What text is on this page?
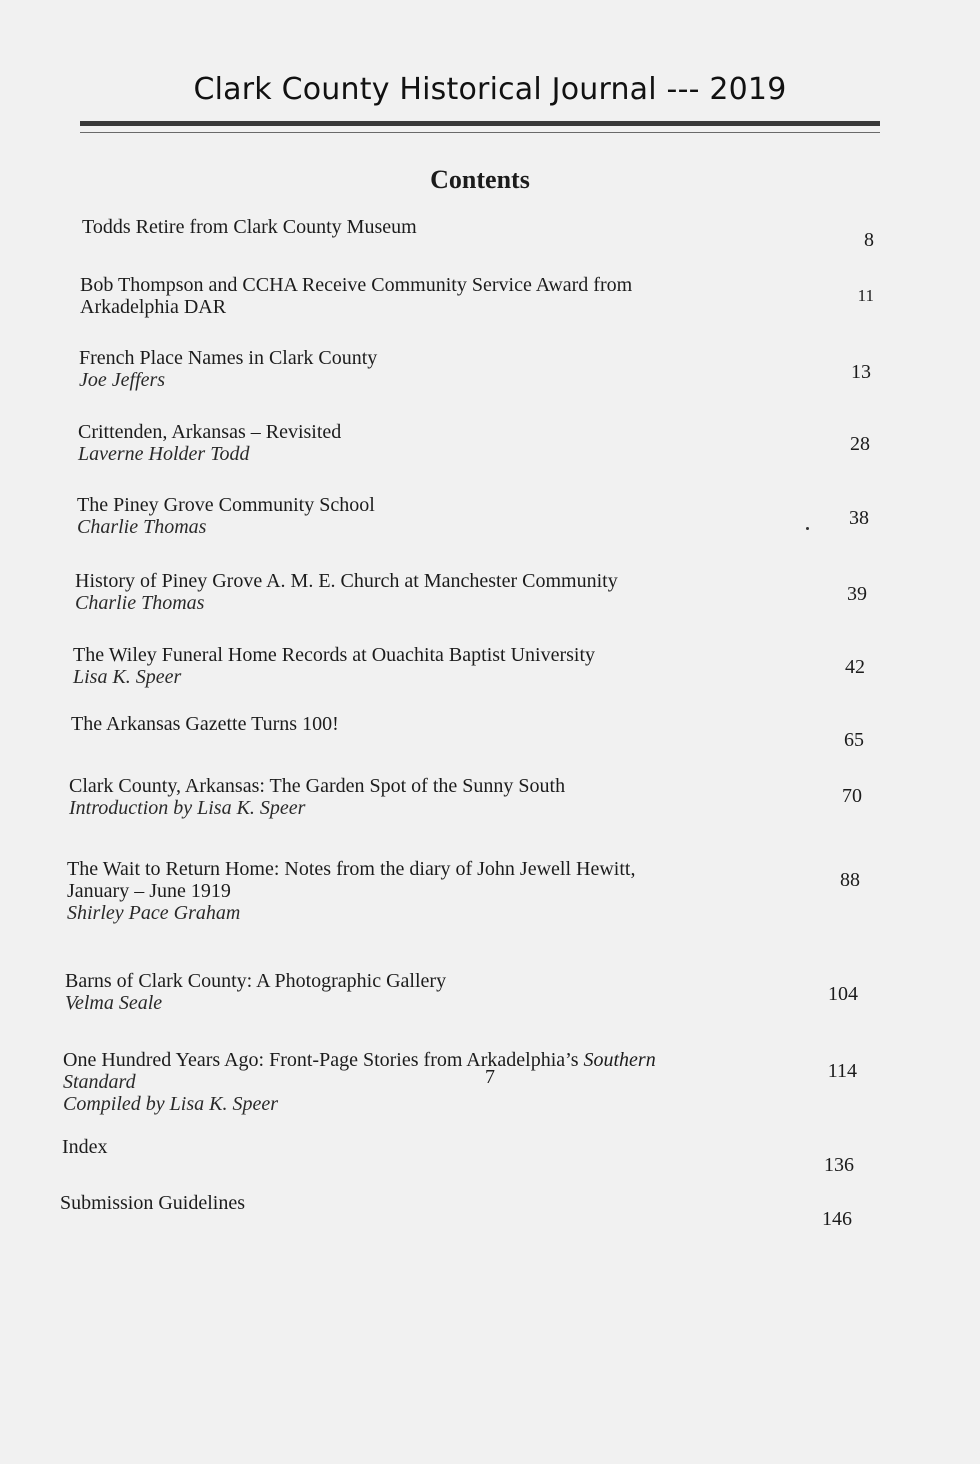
Clark County Historical Journal --- 2019
Contents
Todds Retire from Clark County Museum
8
Bob Thompson and CCHA Receive Community Service Award from
Arkadelphia DAR
11
French Place Names in Clark County
Joe Jeffers	13
Crittenden, Arkansas – Revisited
Laverne Holder Todd	28
The Piney Grove Community School
Charlie Thomas	38
History of Piney Grove A. M. E. Church at Manchester Community
Charlie Thomas	39
The Wiley Funeral Home Records at Ouachita Baptist University
Lisa K. Speer	42
The Arkansas Gazette Turns 100!
65
Clark County, Arkansas: The Garden Spot of the Sunny South
Introduction by Lisa K. Speer
70
The Wait to Return Home: Notes from the diary of John Jewell Hewitt,
January – June 1919
Shirley Pace Graham
88
Barns of Clark County: A Photographic Gallery
Velma Seale	104
One Hundred Years Ago: Front-Page Stories from Arkadelphia’s Southern
Standard
Compiled by Lisa K. Speer
114
Index
136
Submission Guidelines
146
7
